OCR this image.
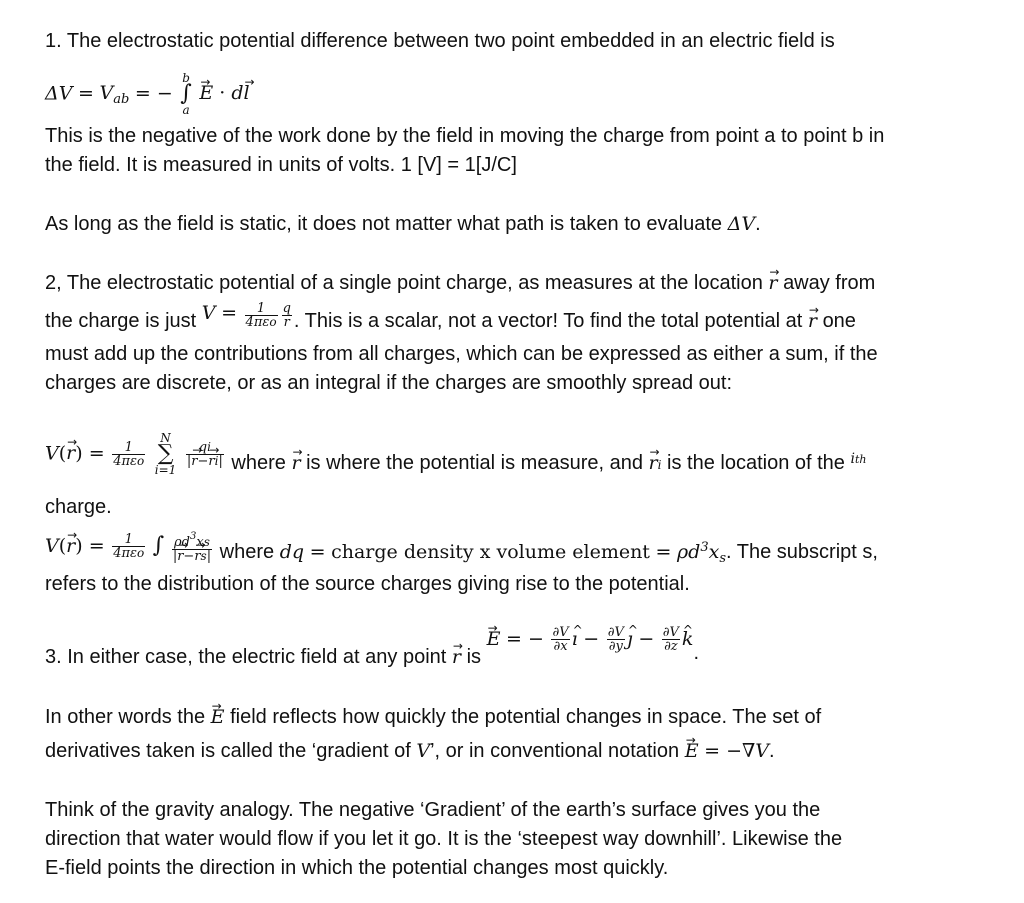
1. The electrostatic potential difference between two point embedded in an electric field is
$\Delta V = V_{ab}$ = −
b
∫
a
→ E · d→ l
This is the negative of the work done by the field in moving the charge from point a to point b in
the field. It is measured in units of volts. 1 [V] = 1[J/C]
As long as the field is static, it does not matter what path is taken to evaluate ΔV.
2, The electrostatic potential of a single point charge, as measures at the location → r away from
the charge is just $V = \frac{1}{\text{4πεo}} \frac{q}{r}$ . This is a scalar, not a vector! To find the total potential at → r one
must add up the contributions from all charges, which can be expressed as either a sum, if the
charges are discrete, or as an integral if the charges are smoothly spread out:
$V(\to r) = \frac{1}{\text{4πεo}}$

N
∑
i=1

$\frac{qi}{|\to r-\to ri|}$ where → r is where the potential is measure, and → ri is the location of the $^{ith}$
charge.
$V(\to r) = \frac{1}{\text{4πεo}}$ ∫ $\frac{\rho d^3xs}{|\to r-\to rs|}$ where dq = charge density x volume element = $\rho d^3x_s$. The subscript s,
refers to the distribution of the source charges giving rise to the potential.
3. In either case, the electric field at any point → r is → E = − $\frac{\partial V}{\partial x}$ ^ ı − $\frac{\partial V}{\partial y}$ ^ ȷ − $\frac{\partial V}{\partial z}$ ^ k.
In other words the → E field reflects how quickly the potential changes in space. The set of
derivatives taken is called the ‘gradient of V’, or in conventional notation → E = −∇V.
Think of the gravity analogy. The negative ‘Gradient’ of the earth’s surface gives you the
direction that water would flow if you let it go. It is the ‘steepest way downhill’. Likewise the
E-field points the direction in which the potential changes most quickly.
